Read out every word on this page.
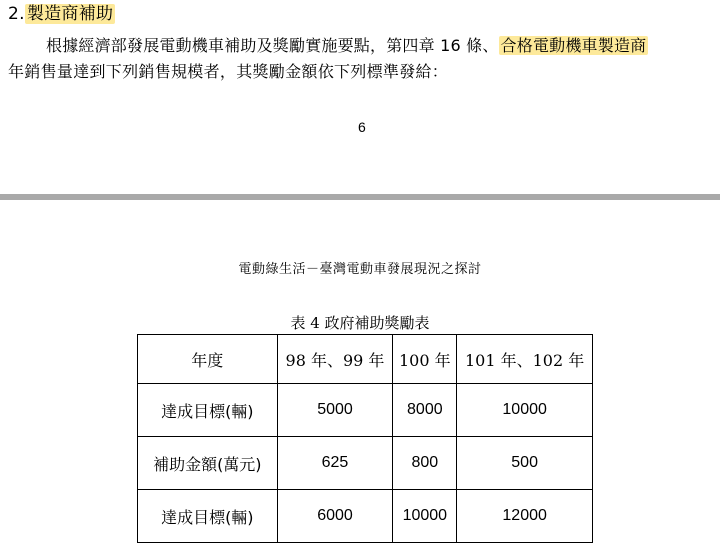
2. 製造商補助
根據經濟部發展電動機車補助及獎勵實施要點，第四章 16 條、 合格電動機車製造商
年銷售量達到下列銷售規模者，其獎勵金額依下列標準發給：
6
電動綠生活－臺灣電動車發展現況之探討
表 4 政府補助獎勵表
年度	98 年、99 年	100 年	101 年、102 年
達成目標(輛)	5000	8000	10000
補助金額(萬元)	625	800	500
達成目標(輛)	6000	10000	12000
